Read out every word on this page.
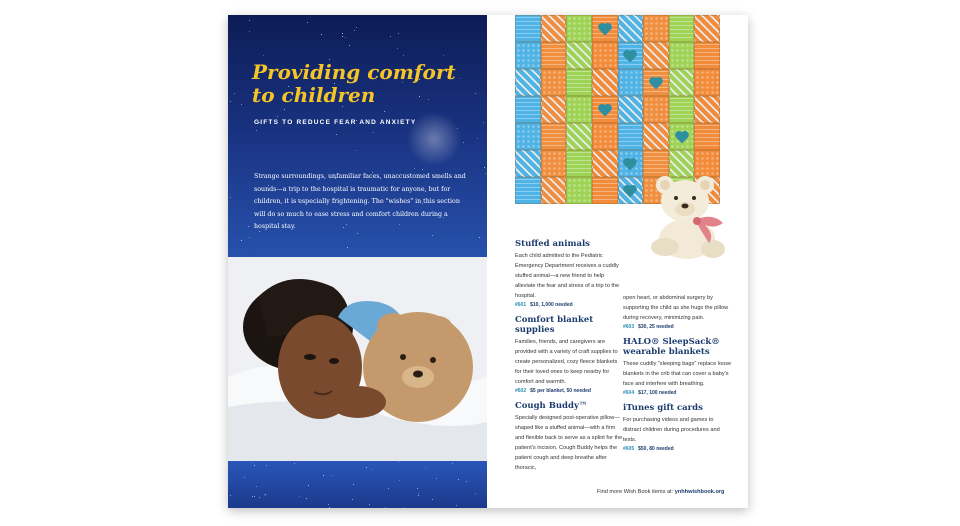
Providing comfort
to children

GIFTS TO REDUCE FEAR AND ANXIETY

Strange surroundings, unfamiliar faces, unaccustomed smells and sounds—a trip to the hospital is traumatic for anyone, but for children, it is especially frightening. The "wishes" in this section will do so much to ease stress and comfort children during a hospital stay.

Stuffed animals

Each child admitted to the Pediatric Emergency Department receives a cuddly stuffed animal—a new friend to help alleviate the fear and stress of a trip to the hospital.

#601 $10, 1,000 needed

Comfort blanket supplies

Families, friends, and caregivers are provided with a variety of craft supplies to create personalized, cozy fleece blankets for their loved ones to keep nearby for comfort and warmth.

#602 $5 per blanket, 50 needed

Cough Buddy™

Specially designed post-operative pillow—shaped like a stuffed animal—with a firm and flexible back to serve as a splint for the patient's incision. Cough Buddy helps the patient cough and deep breathe after thoracic,

open heart, or abdominal surgery by supporting the child as she hugs the pillow during recovery, minimizing pain.

#603 $30, 25 needed

HALO® SleepSack® wearable blankets

These cuddly "sleeping bags" replace loose blankets in the crib that can cover a baby's face and interfere with breathing.

#604 $17, 100 needed

iTunes gift cards

For purchasing videos and games to distract children during procedures and tests.

#605 $50, 80 needed

Find more Wish Book items at: ynhhwishbook.org
